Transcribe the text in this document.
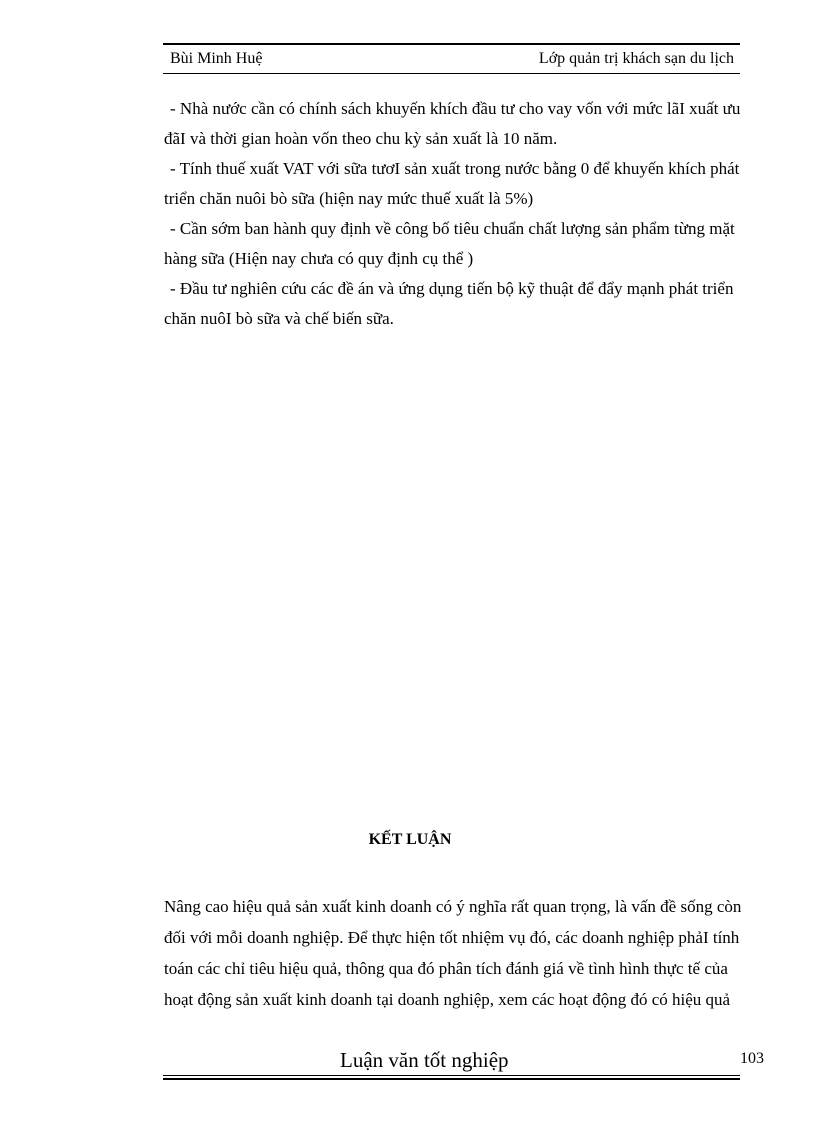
Bùi Minh Huệ	Lớp quản trị khách sạn du lịch

- Nhà nước cần có chính sách khuyến khích đầu tư cho vay vốn với mức lãI xuất ưu đãI và thời gian hoàn vốn theo chu kỳ sản xuất là 10 năm.

- Tính thuế xuất VAT với sữa tươI sản xuất trong nước bằng 0 để khuyến khích phát triển chăn nuôi bò sữa (hiện nay mức thuế xuất là 5%)

- Cần sớm ban hành quy định về công bố tiêu chuẩn chất lượng sản phẩm từng mặt hàng sữa (Hiện nay chưa có quy định cụ thể )

- Đầu tư nghiên cứu các đề án và ứng dụng tiến bộ kỹ thuật để đẩy mạnh phát triển chăn nuôI bò sữa và chế biến sữa.

KẾT LUẬN

Nâng cao hiệu quả sản xuất kinh doanh có ý nghĩa rất quan trọng, là vấn đề sống còn đối với mỗi doanh nghiệp. Để thực hiện tốt nhiệm vụ đó, các doanh nghiệp phảI tính toán các chỉ tiêu hiệu quả, thông qua đó phân tích đánh giá về tình hình thực tế của hoạt động sản xuất kinh doanh tại doanh nghiệp, xem các hoạt động đó có hiệu quả

Luận văn tốt nghiệp	103
